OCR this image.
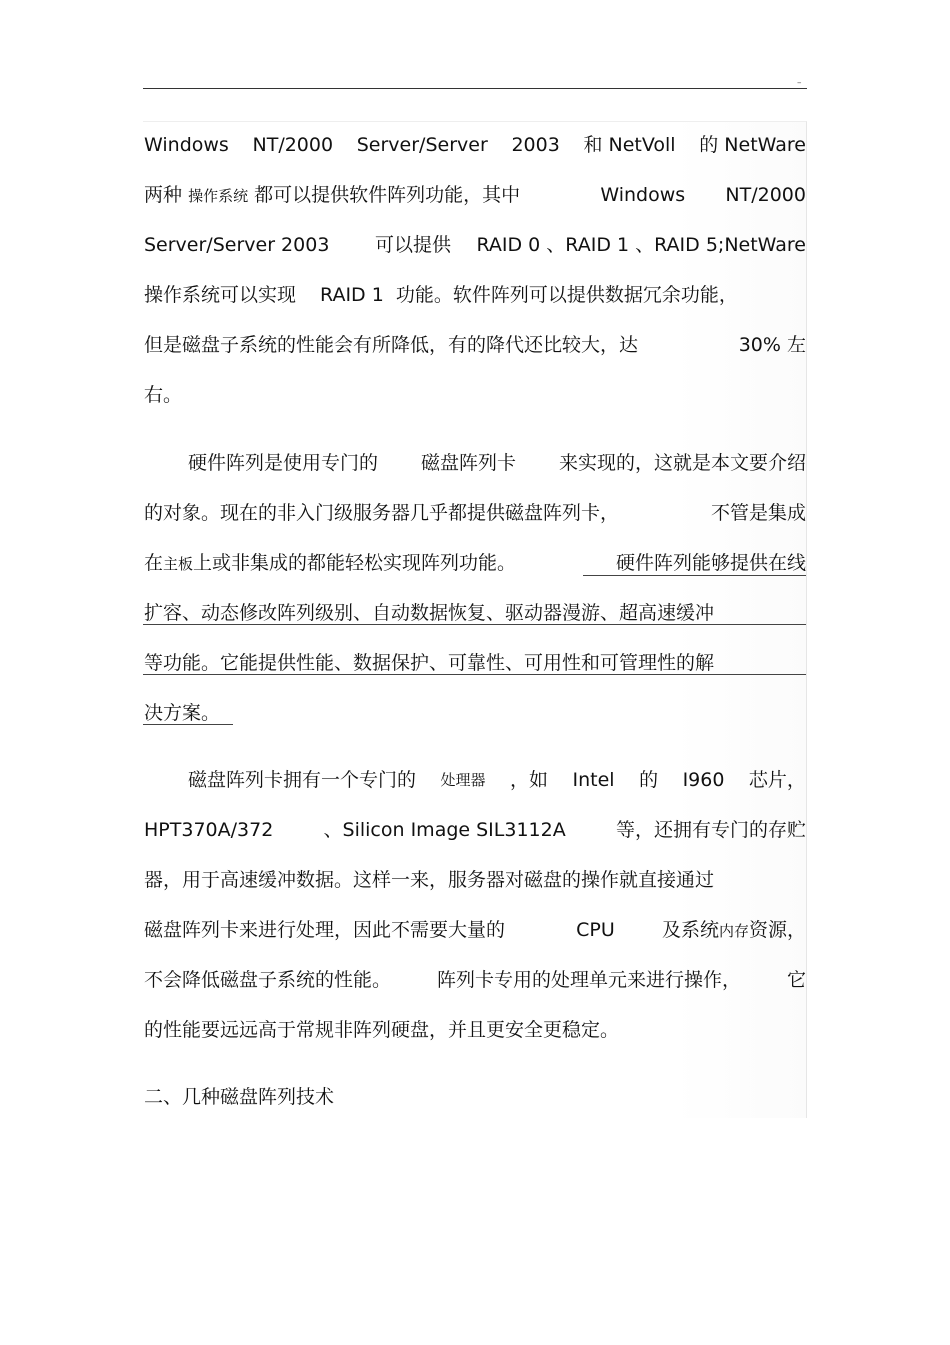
–
Windows NT/2000 Server/Server 2003 和 NetVoll 的 NetWare
两种 操作系统 都可以提供软件阵列功能，其中	Windows NT/2000
Server/Server 2003 可以提供 RAID 0 、RAID 1 、RAID 5;NetWare
操作系统可以实现 RAID 1 功能。软件阵列可以提供数据冗余功能，
但是磁盘子系统的性能会有所降低，有的降代还比较大，达	30% 左
右。
硬件阵列是使用专门的 磁盘阵列卡 来实现的，这就是本文要介绍
的对象。现在的非入门级服务器几乎都提供磁盘阵列卡，	不管是集成
在主板上或非集成的都能轻松实现阵列功能。	硬件阵列能够提供在线
扩容、动态修改阵列级别、自动数据恢复、驱动器漫游、超高速缓冲
等功能。它能提供性能、数据保护、可靠性、可用性和可管理性的解
决方案。
磁盘阵列卡拥有一个专门的 处理器 ，如 Intel 的 I960 芯片，
HPT370A/372	、Silicon Image SIL3112A	等，还拥有专门的存贮
器，用于高速缓冲数据。这样一来，服务器对磁盘的操作就直接通过
磁盘阵列卡来进行处理，因此不需要大量的	CPU 及系统内存资源，
不会降低磁盘子系统的性能。 阵列卡专用的处理单元来进行操作， 它
的性能要远远高于常规非阵列硬盘，并且更安全更稳定。
二、几种磁盘阵列技术
